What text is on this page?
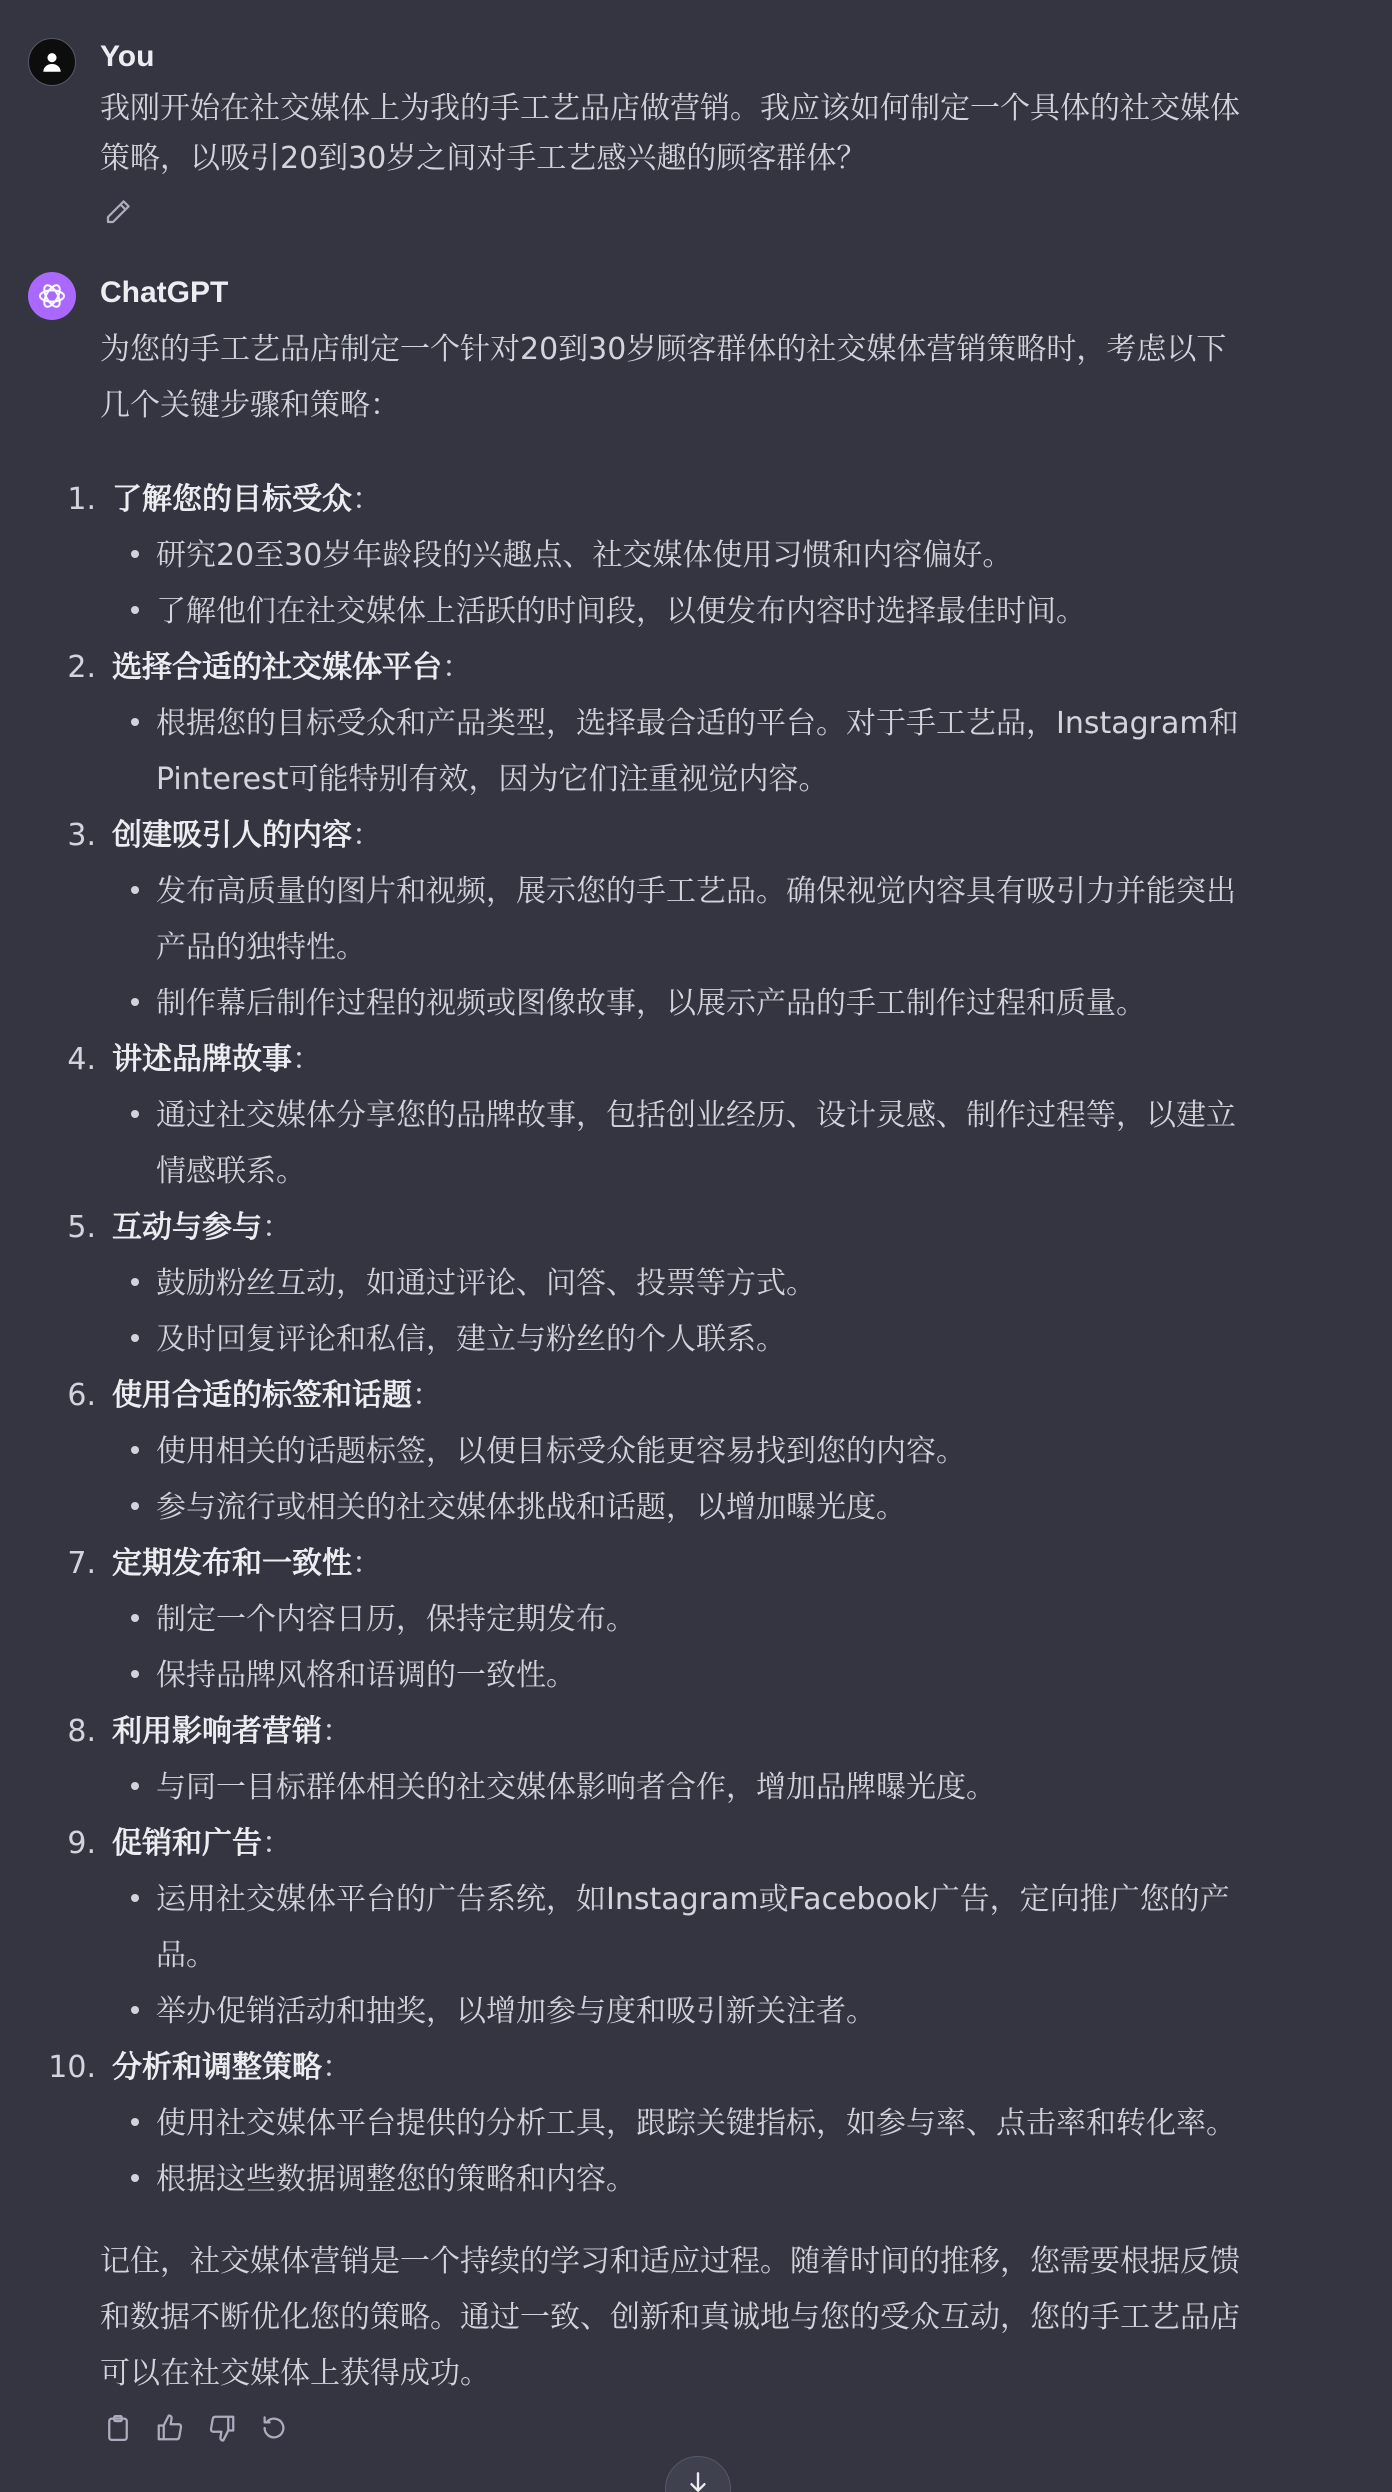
You
我刚开始在社交媒体上为我的手工艺品店做营销。我应该如何制定一个具体的社交媒体
策略，以吸引20到30岁之间对手工艺感兴趣的顾客群体？
ChatGPT
为您的手工艺品店制定一个针对20到30岁顾客群体的社交媒体营销策略时，考虑以下
几个关键步骤和策略：
1. 了解您的目标受众：
研究20至30岁年龄段的兴趣点、社交媒体使用习惯和内容偏好。
了解他们在社交媒体上活跃的时间段，以便发布内容时选择最佳时间。
2. 选择合适的社交媒体平台：
根据您的目标受众和产品类型，选择最合适的平台。对于手工艺品，Instagram和
Pinterest可能特别有效，因为它们注重视觉内容。
3. 创建吸引人的内容：
发布高质量的图片和视频，展示您的手工艺品。确保视觉内容具有吸引力并能突出
产品的独特性。
制作幕后制作过程的视频或图像故事，以展示产品的手工制作过程和质量。
4. 讲述品牌故事：
通过社交媒体分享您的品牌故事，包括创业经历、设计灵感、制作过程等，以建立
情感联系。
5. 互动与参与：
鼓励粉丝互动，如通过评论、问答、投票等方式。
及时回复评论和私信，建立与粉丝的个人联系。
6. 使用合适的标签和话题：
使用相关的话题标签，以便目标受众能更容易找到您的内容。
参与流行或相关的社交媒体挑战和话题，以增加曝光度。
7. 定期发布和一致性：
制定一个内容日历，保持定期发布。
保持品牌风格和语调的一致性。
8. 利用影响者营销：
与同一目标群体相关的社交媒体影响者合作，增加品牌曝光度。
9. 促销和广告：
运用社交媒体平台的广告系统，如Instagram或Facebook广告，定向推广您的产
品。
举办促销活动和抽奖，以增加参与度和吸引新关注者。
10. 分析和调整策略：
使用社交媒体平台提供的分析工具，跟踪关键指标，如参与率、点击率和转化率。
根据这些数据调整您的策略和内容。
记住，社交媒体营销是一个持续的学习和适应过程。随着时间的推移，您需要根据反馈
和数据不断优化您的策略。通过一致、创新和真诚地与您的受众互动，您的手工艺品店
可以在社交媒体上获得成功。
